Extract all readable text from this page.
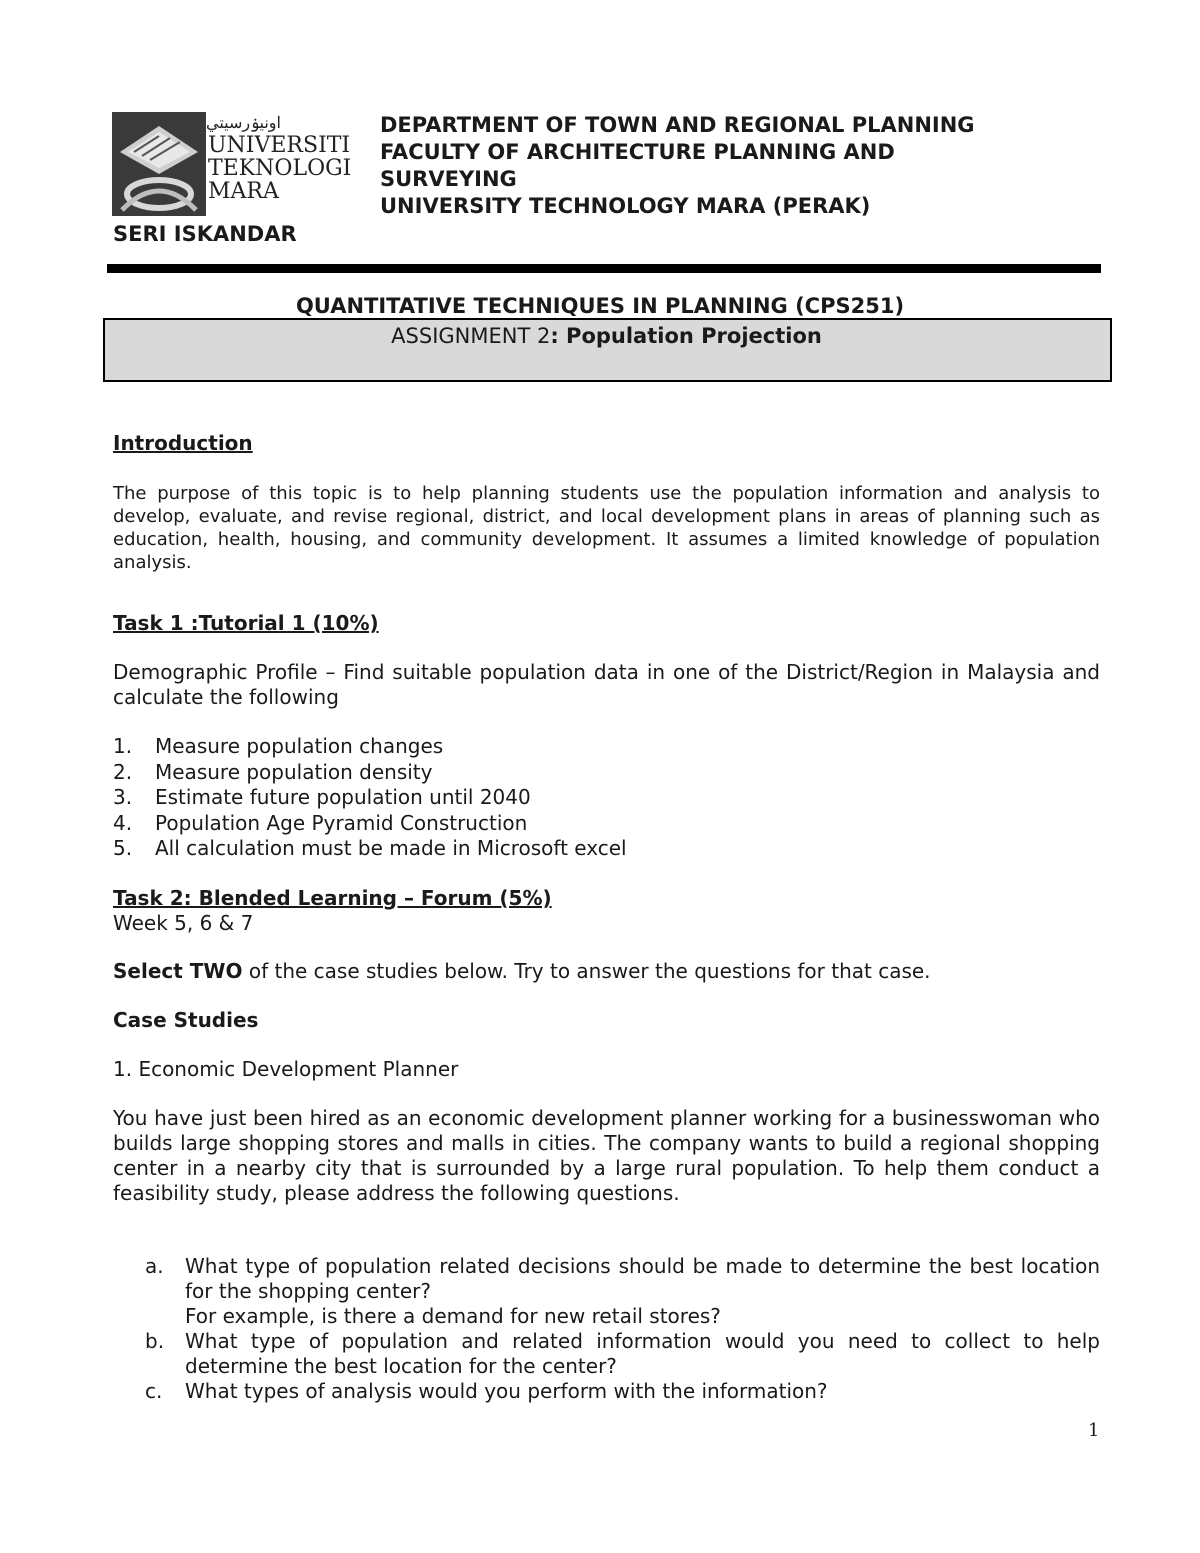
اونيۏرسيتي
UNIVERSITI
TEKNOLOGI
MARA
DEPARTMENT OF TOWN AND REGIONAL PLANNING
FACULTY OF ARCHITECTURE PLANNING AND
SURVEYING
UNIVERSITY TECHNOLOGY MARA (PERAK)
SERI ISKANDAR
QUANTITATIVE TECHNIQUES IN PLANNING (CPS251)
ASSIGNMENT 2: Population Projection
Introduction
The purpose of this topic is to help planning students use the population information and analysis to develop, evaluate, and revise regional, district, and local development plans in areas of planning such as education, health, housing, and community development. It assumes a limited knowledge of population analysis.
Task 1 :Tutorial 1 (10%)
Demographic Profile – Find suitable population data in one of the District/Region in Malaysia and calculate the following
1. Measure population changes
2. Measure population density
3. Estimate future population until 2040
4. Population Age Pyramid Construction
5. All calculation must be made in Microsoft excel
Task 2: Blended Learning – Forum (5%)
Week 5, 6 & 7
Select TWO of the case studies below. Try to answer the questions for that case.
Case Studies
1. Economic Development Planner
You have just been hired as an economic development planner working for a businesswoman who builds large shopping stores and malls in cities. The company wants to build a regional shopping center in a nearby city that is surrounded by a large rural population. To help them conduct a feasibility study, please address the following questions.
a. What type of population related decisions should be made to determine the best location for the shopping center?
For example, is there a demand for new retail stores?
b. What type of population and related information would you need to collect to help determine the best location for the center?
c. What types of analysis would you perform with the information?
1
